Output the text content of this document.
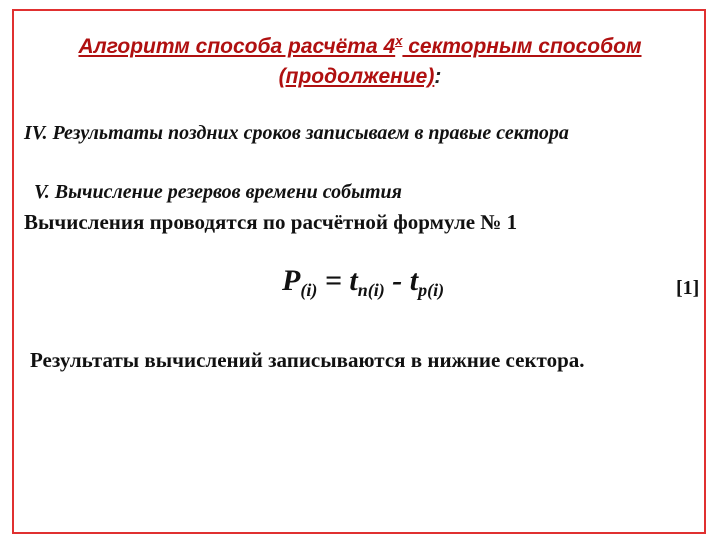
Алгоритм способа расчёта $4^х$ секторным способом
(продолжение):
IV. Результаты поздних сроков записываем в правые сектора
V. Вычисление резервов времени события
Вычисления проводятся по расчётной формуле № 1
$P_{(i)} = t_{п(i)} - t_{р(i)}$	[1]
Результаты вычислений записываются в нижние сектора.
